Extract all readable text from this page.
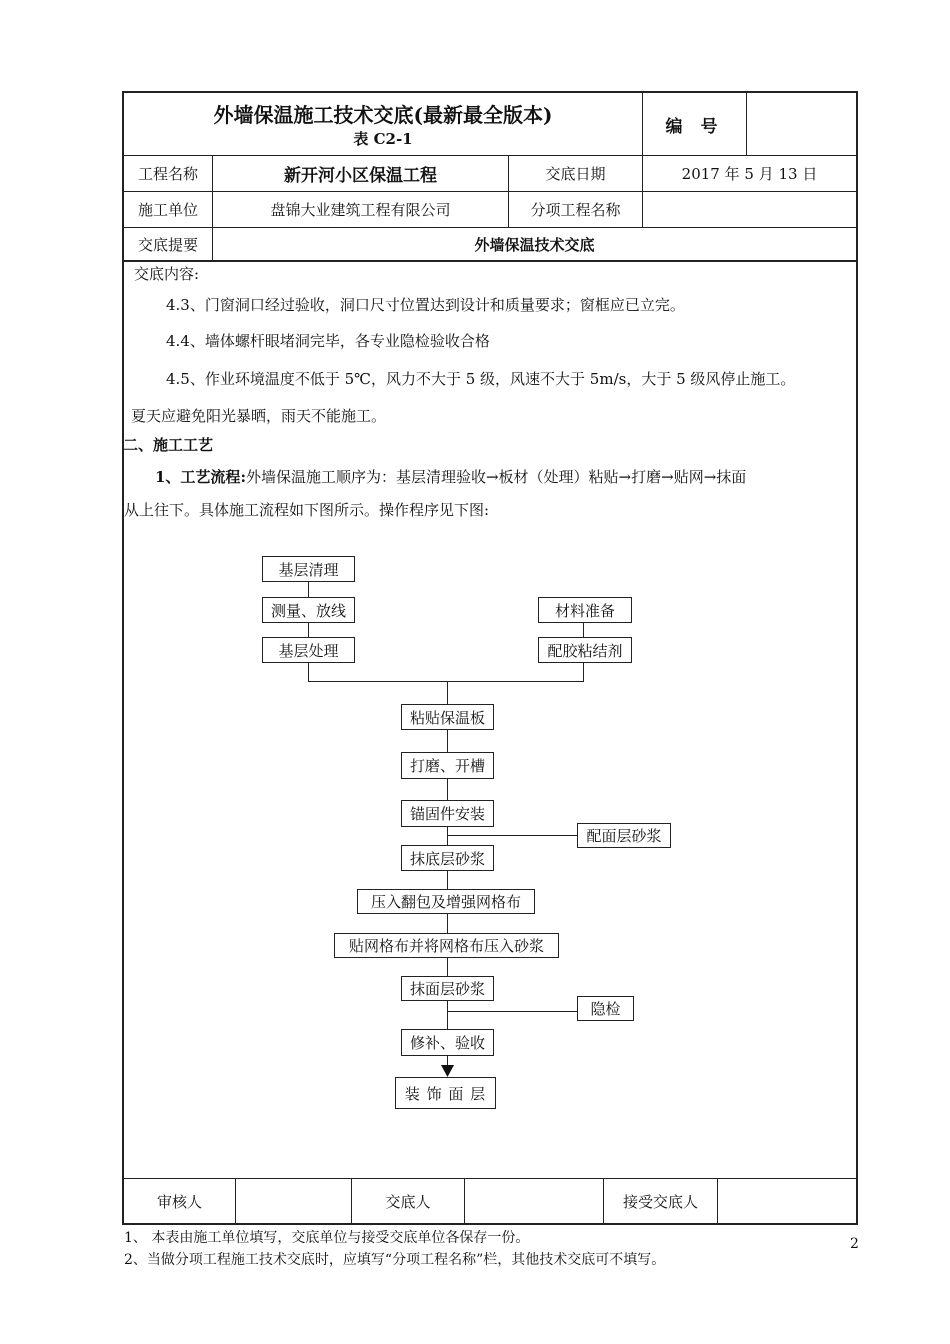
外墙保温施工技术交底(最新最全版本)
表 C2-1
编 号
工程名称	新开河小区保温工程	交底日期	2017 年 5 月 13 日
施工单位	盘锦大业建筑工程有限公司	分项工程名称
交底提要	外墙保温技术交底
交底内容:
4.3、门窗洞口经过验收，洞口尺寸位置达到设计和质量要求；窗框应已立完。
4.4、墙体螺杆眼堵洞完毕，各专业隐检验收合格
4.5、作业环境温度不低于 5℃，风力不大于 5 级，风速不大于 5m/s，大于 5 级风停止施工。
夏天应避免阳光暴晒，雨天不能施工。
二、施工工艺
1、工艺流程:外墙保温施工顺序为：基层清理验收→板材（处理）粘贴→打磨→贴网→抹面
从上往下。具体施工流程如下图所示。操作程序见下图:
基层清理
测量、放线
基层处理
材料准备
配胶粘结剂
粘贴保温板
打磨、开槽
锚固件安装
配面层砂浆
抹底层砂浆
压入翻包及增强网格布
贴网格布并将网格布压入砂浆
抹面层砂浆
隐检
修补、验收
装 饰 面 层
审核人	交底人	接受交底人
1、 本表由施工单位填写，交底单位与接受交底单位各保存一份。
2、当做分项工程施工技术交底时，应填写“分项工程名称”栏，其他技术交底可不填写。
2
